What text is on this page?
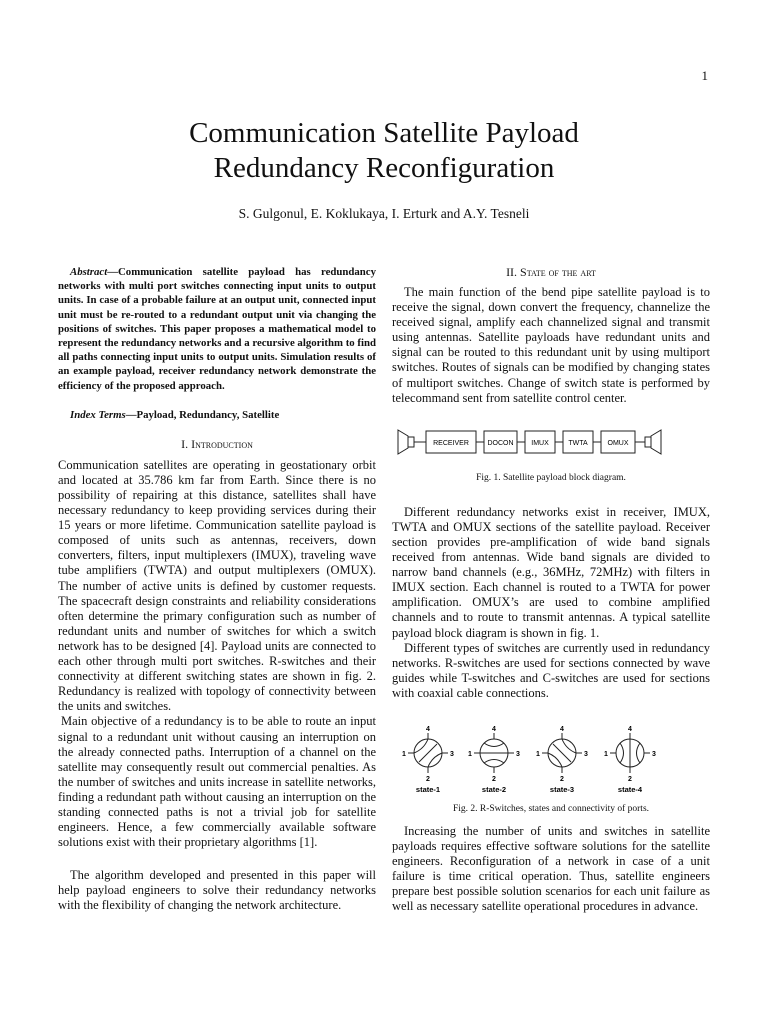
1
Communication Satellite Payload
Redundancy Reconfiguration
S. Gulgonul, E. Koklukaya, I. Erturk and A.Y. Tesneli

Abstract—Communication satellite payload has redundancy networks with multi port switches connecting input units to output units. In case of a probable failure at an output unit, connected input unit must be re-routed to a redundant output unit via changing the positions of switches. This paper proposes a mathematical model to represent the redundancy networks and a recursive algorithm to find all paths connecting input units to output units. Simulation results of an example payload, receiver redundancy network demonstrate the efficiency of the proposed approach.

Index Terms—Payload, Redundancy, Satellite

I. Introduction

Communication satellites are operating in geostationary orbit and located at 35.786 km far from Earth. Since there is no possibility of repairing at this distance, satellites shall have necessary redundancy to keep providing services during their 15 years or more lifetime. Communication satellite payload is composed of units such as antennas, receivers, down converters, filters, input multiplexers (IMUX), traveling wave tube amplifiers (TWTA) and output multiplexers (OMUX). The number of active units is defined by customer requests. The spacecraft design constraints and reliability considerations often determine the primary configuration such as number of redundant units and number of switches for which a switch network has to be designed [4]. Payload units are connected to each other through multi port switches. R-switches and their connectivity at different switching states are shown in fig. 2. Redundancy is realized with topology of connectivity between the units and switches.

Main objective of a redundancy is to be able to route an input signal to a redundant unit without causing an interruption on the already connected paths. Interruption of a channel on the satellite may consequently result out commercial penalties. As the number of switches and units increase in satellite networks, finding a redundant path without causing an interruption on the standing connected paths is not a trivial job for satellite engineers. Hence, a few commercially available software solutions exist with their proprietary algorithms [1].

The algorithm developed and presented in this paper will help payload engineers to solve their redundancy networks with the flexibility of changing the network architecture.

II. State of the art

The main function of the bend pipe satellite payload is to receive the signal, down convert the frequency, channelize the received signal, amplify each channelized signal and transmit using antennas. Satellite payloads have redundant units and signal can be routed to this redundant unit by using multiport switches. Routes of signals can be modified by changing states of multiport switches. Change of switch state is performed by telecommand sent from satellite control center.

RECEIVER	DOCON	IMUX	TWTA	OMUX
Fig. 1. Satellite payload block diagram.

Different redundancy networks exist in receiver, IMUX, TWTA and OMUX sections of the satellite payload. Receiver section provides pre-amplification of wide band signals received from antennas. Wide band signals are divided to narrow band channels (e.g., 36MHz, 72MHz) with filters in IMUX section. Each channel is routed to a TWTA for power amplification. OMUX’s are used to combine amplified channels and to route to transmit antennas. A typical satellite payload block diagram is shown in fig. 1.

Different types of switches are currently used in redundancy networks. R-switches are used for sections connected by wave guides while T-switches and C-switches are used for sections with coaxial cable connections.

1
2
3
4
state-1
1
2
3
4
state-2
1
2
3
4
state-3
1
2
3
4
state-4
Fig. 2. R-Switches, states and connectivity of ports.

Increasing the number of units and switches in satellite payloads requires effective software solutions for the satellite engineers. Reconfiguration of a network in case of a unit failure is time critical operation. Thus, satellite engineers prepare best possible solution scenarios for each unit failure as well as necessary satellite operational procedures in advance.
